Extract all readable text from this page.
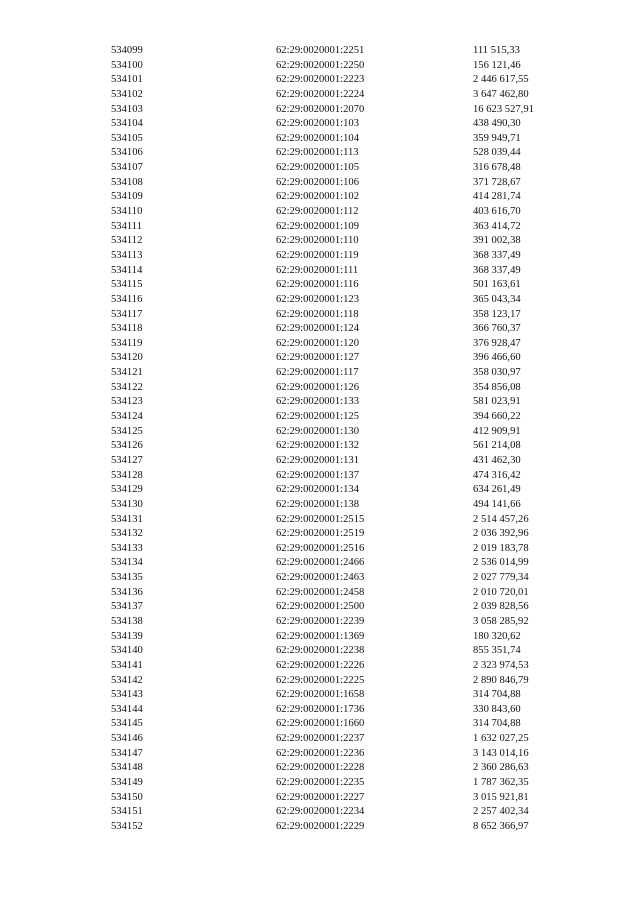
534099	62:29:0020001:2251	111 515,33
534100	62:29:0020001:2250	156 121,46
534101	62:29:0020001:2223	2 446 617,55
534102	62:29:0020001:2224	3 647 462,80
534103	62:29:0020001:2070	16 623 527,91
534104	62:29:0020001:103	438 490,30
534105	62:29:0020001:104	359 949,71
534106	62:29:0020001:113	528 039,44
534107	62:29:0020001:105	316 678,48
534108	62:29:0020001:106	371 728,67
534109	62:29:0020001:102	414 281,74
534110	62:29:0020001:112	403 616,70
534111	62:29:0020001:109	363 414,72
534112	62:29:0020001:110	391 002,38
534113	62:29:0020001:119	368 337,49
534114	62:29:0020001:111	368 337,49
534115	62:29:0020001:116	501 163,61
534116	62:29:0020001:123	365 043,34
534117	62:29:0020001:118	358 123,17
534118	62:29:0020001:124	366 760,37
534119	62:29:0020001:120	376 928,47
534120	62:29:0020001:127	396 466,60
534121	62:29:0020001:117	358 030,97
534122	62:29:0020001:126	354 856,08
534123	62:29:0020001:133	581 023,91
534124	62:29:0020001:125	394 660,22
534125	62:29:0020001:130	412 909,91
534126	62:29:0020001:132	561 214,08
534127	62:29:0020001:131	431 462,30
534128	62:29:0020001:137	474 316,42
534129	62:29:0020001:134	634 261,49
534130	62:29:0020001:138	494 141,66
534131	62:29:0020001:2515	2 514 457,26
534132	62:29:0020001:2519	2 036 392,96
534133	62:29:0020001:2516	2 019 183,78
534134	62:29:0020001:2466	2 536 014,99
534135	62:29:0020001:2463	2 027 779,34
534136	62:29:0020001:2458	2 010 720,01
534137	62:29:0020001:2500	2 039 828,56
534138	62:29:0020001:2239	3 058 285,92
534139	62:29:0020001:1369	180 320,62
534140	62:29:0020001:2238	855 351,74
534141	62:29:0020001:2226	2 323 974,53
534142	62:29:0020001:2225	2 890 846,79
534143	62:29:0020001:1658	314 704,88
534144	62:29:0020001:1736	330 843,60
534145	62:29:0020001:1660	314 704,88
534146	62:29:0020001:2237	1 632 027,25
534147	62:29:0020001:2236	3 143 014,16
534148	62:29:0020001:2228	2 360 286,63
534149	62:29:0020001:2235	1 787 362,35
534150	62:29:0020001:2227	3 015 921,81
534151	62:29:0020001:2234	2 257 402,34
534152	62:29:0020001:2229	8 652 366,97
